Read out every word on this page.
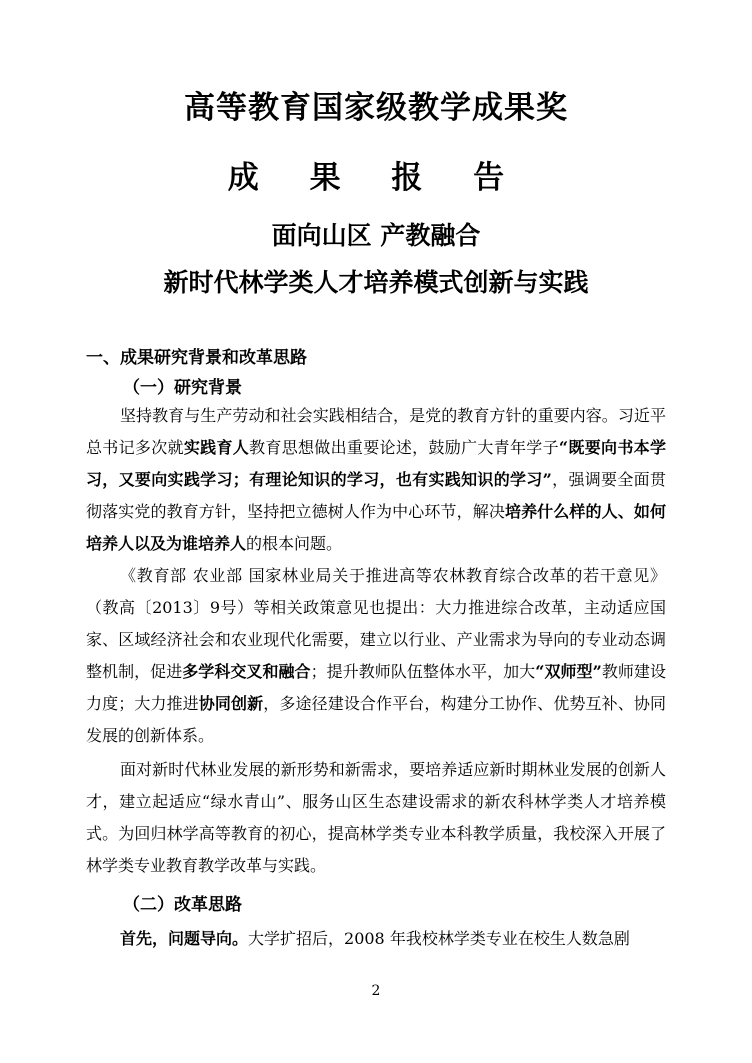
高等教育国家级教学成果奖
成 果 报 告
面向山区 产教融合
新时代林学类人才培养模式创新与实践
一、成果研究背景和改革思路
（一）研究背景

坚持教育与生产劳动和社会实践相结合，是党的教育方针的重要内容。习近平总书记多次就实践育人教育思想做出重要论述，鼓励广大青年学子“既要向书本学习，又要向实践学习；有理论知识的学习，也有实践知识的学习”，强调要全面贯彻落实党的教育方针，坚持把立德树人作为中心环节，解决培养什么样的人、如何培养人以及为谁培养人的根本问题。

《教育部 农业部 国家林业局关于推进高等农林教育综合改革的若干意见》（教高〔2013〕9号）等相关政策意见也提出：大力推进综合改革，主动适应国家、区域经济社会和农业现代化需要，建立以行业、产业需求为导向的专业动态调整机制，促进多学科交叉和融合；提升教师队伍整体水平，加大“双师型”教师建设力度；大力推进协同创新，多途径建设合作平台，构建分工协作、优势互补、协同发展的创新体系。

面对新时代林业发展的新形势和新需求，要培养适应新时期林业发展的创新人才，建立起适应“绿水青山”、服务山区生态建设需求的新农科林学类人才培养模式。为回归林学高等教育的初心，提高林学类专业本科教学质量，我校深入开展了林学类专业教育教学改革与实践。

（二）改革思路

首先，问题导向。大学扩招后，2008 年我校林学类专业在校生人数急剧

2
